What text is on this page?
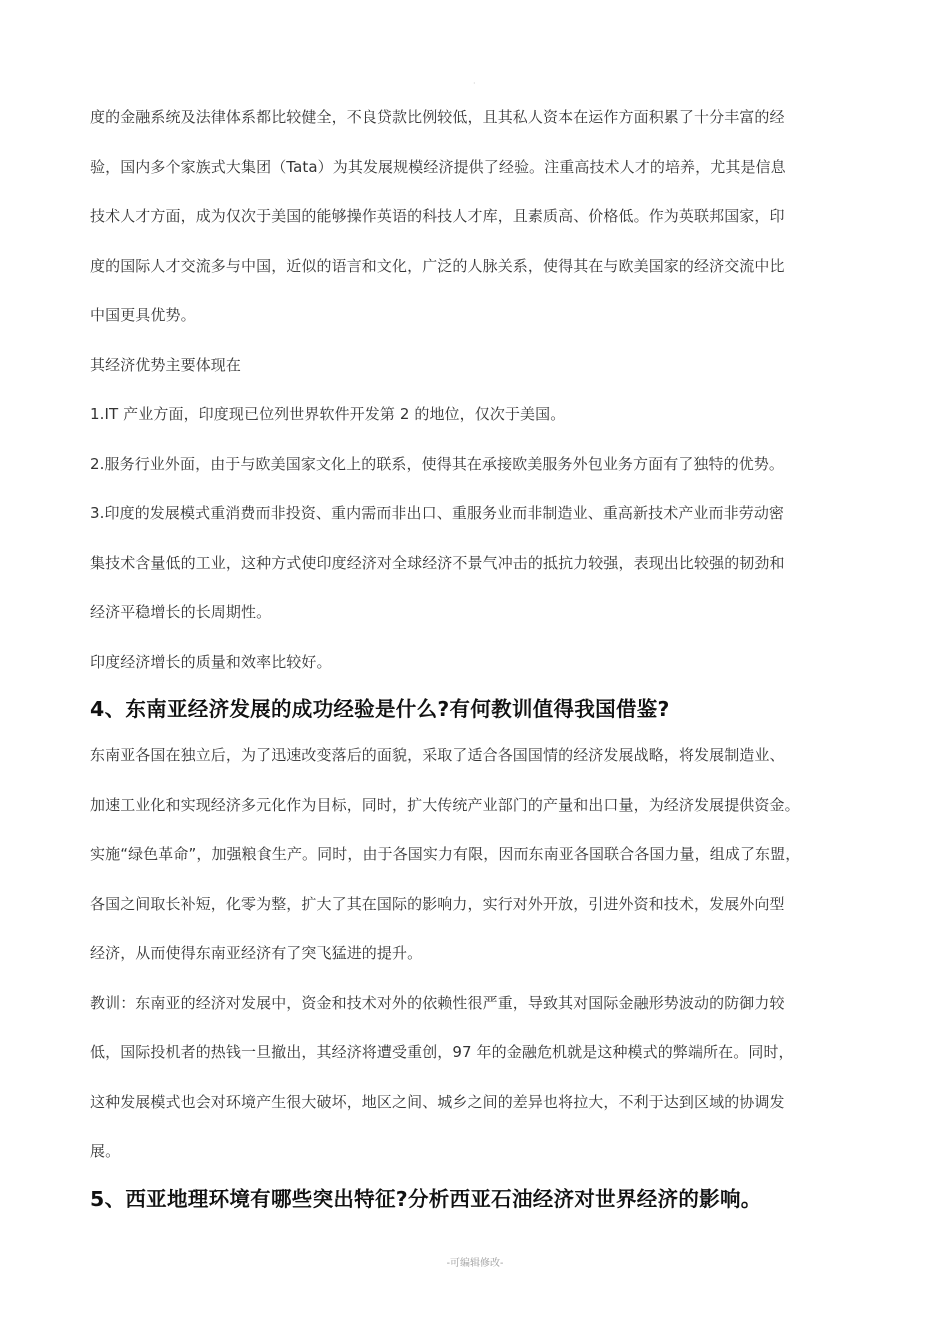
·

度的金融系统及法律体系都比较健全，不良贷款比例较低，且其私人资本在运作方面积累了十分丰富的经

验，国内多个家族式大集团（Tata）为其发展规模经济提供了经验。注重高技术人才的培养，尤其是信息

技术人才方面，成为仅次于美国的能够操作英语的科技人才库，且素质高、价格低。作为英联邦国家，印

度的国际人才交流多与中国，近似的语言和文化，广泛的人脉关系，使得其在与欧美国家的经济交流中比

中国更具优势。

其经济优势主要体现在

1.IT 产业方面，印度现已位列世界软件开发第 2 的地位，仅次于美国。

2.服务行业外面，由于与欧美国家文化上的联系，使得其在承接欧美服务外包业务方面有了独特的优势。

3.印度的发展模式重消费而非投资、重内需而非出口、重服务业而非制造业、重高新技术产业而非劳动密

集技术含量低的工业，这种方式使印度经济对全球经济不景气冲击的抵抗力较强，表现出比较强的韧劲和

经济平稳增长的长周期性。

印度经济增长的质量和效率比较好。

4、东南亚经济发展的成功经验是什么?有何教训值得我国借鉴?

东南亚各国在独立后，为了迅速改变落后的面貌，采取了适合各国国情的经济发展战略，将发展制造业、

加速工业化和实现经济多元化作为目标，同时，扩大传统产业部门的产量和出口量，为经济发展提供资金。

实施“绿色革命”，加强粮食生产。同时，由于各国实力有限，因而东南亚各国联合各国力量，组成了东盟，

各国之间取长补短，化零为整，扩大了其在国际的影响力，实行对外开放，引进外资和技术，发展外向型

经济，从而使得东南亚经济有了突飞猛进的提升。

教训：东南亚的经济对发展中，资金和技术对外的依赖性很严重，导致其对国际金融形势波动的防御力较

低，国际投机者的热钱一旦撤出，其经济将遭受重创，97 年的金融危机就是这种模式的弊端所在。同时，

这种发展模式也会对环境产生很大破坏，地区之间、城乡之间的差异也将拉大，不利于达到区域的协调发

展。

5、西亚地理环境有哪些突出特征?分析西亚石油经济对世界经济的影响。
-可编辑修改-
